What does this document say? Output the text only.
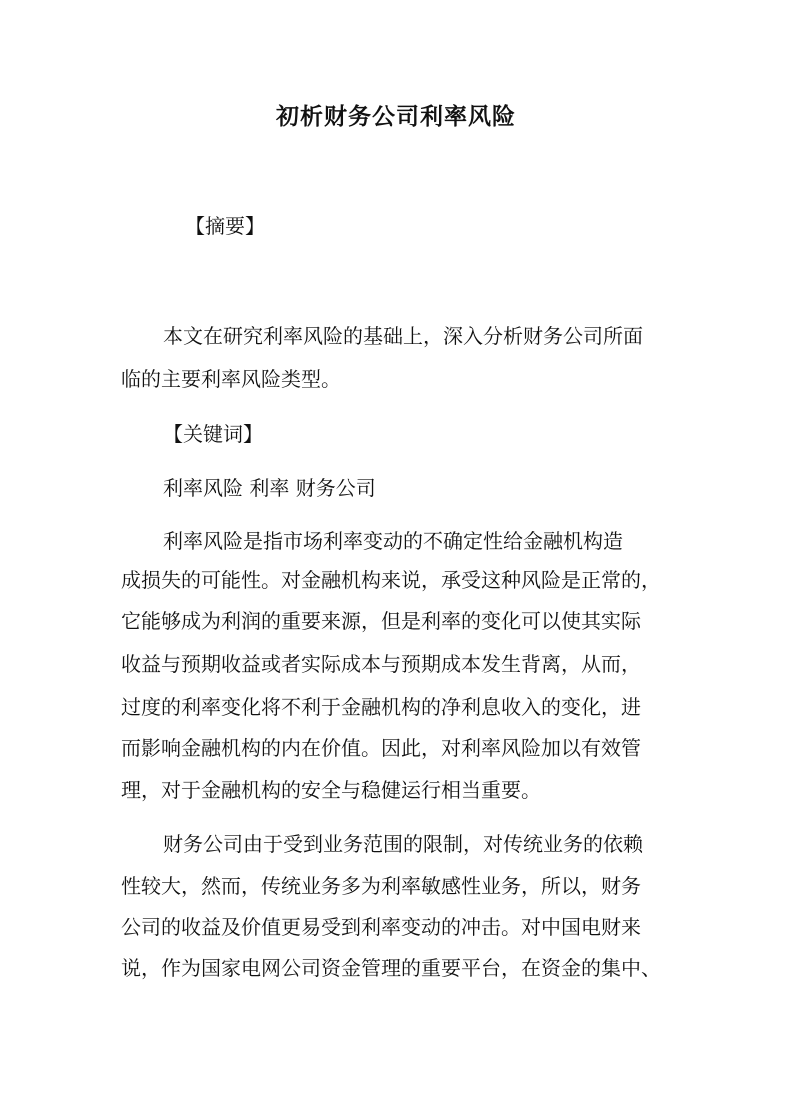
初析财务公司利率风险
【摘要】
本文在研究利率风险的基础上，深入分析财务公司所面
临的主要利率风险类型。
【关键词】
利率风险 利率 财务公司
利率风险是指市场利率变动的不确定性给金融机构造
成损失的可能性。对金融机构来说，承受这种风险是正常的，
它能够成为利润的重要来源，但是利率的变化可以使其实际
收益与预期收益或者实际成本与预期成本发生背离，从而，
过度的利率变化将不利于金融机构的净利息收入的变化，进
而影响金融机构的内在价值。因此，对利率风险加以有效管
理，对于金融机构的安全与稳健运行相当重要。
财务公司由于受到业务范围的限制，对传统业务的依赖
性较大，然而，传统业务多为利率敏感性业务，所以，财务
公司的收益及价值更易受到利率变动的冲击。对中国电财来
说，作为国家电网公司资金管理的重要平台，在资金的集中、
